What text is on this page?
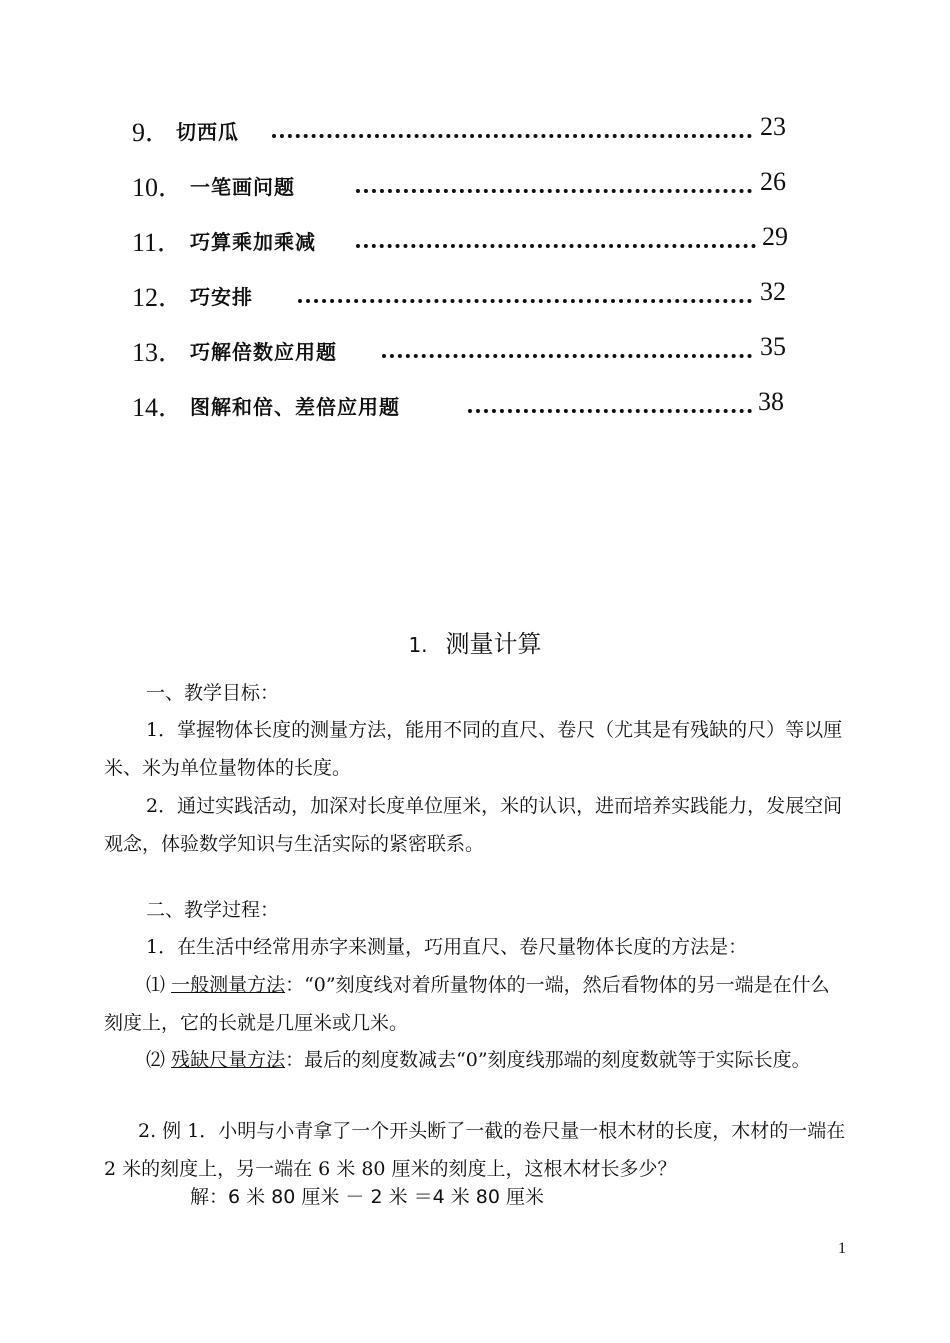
9． 切西瓜	23
10． 一笔画问题	26
11． 巧算乘加乘减	29
12． 巧安排	32
13． 巧解倍数应用题	35
14． 图解和倍、差倍应用题	38
1. 测量计算
一、教学目标：
1．掌握物体长度的测量方法，能用不同的直尺、卷尺（尤其是有残缺的尺）等以厘米、米为单位量物体的长度。
2．通过实践活动，加深对长度单位厘米，米的认识，进而培养实践能力，发展空间观念，体验数学知识与生活实际的紧密联系。
二、教学过程：
1．在生活中经常用赤字来测量，巧用直尺、卷尺量物体长度的方法是：
⑴ 一般测量方法：“0”刻度线对着所量物体的一端，然后看物体的另一端是在什么刻度上，它的长就是几厘米或几米。
⑵ 残缺尺量方法：最后的刻度数减去“0”刻度线那端的刻度数就等于实际长度。
2. 例 1．小明与小青拿了一个开头断了一截的卷尺量一根木材的长度，木材的一端在 2 米的刻度上，另一端在 6 米 80 厘米的刻度上，这根木材长多少？
解：6 米 80 厘米 － 2 米 ＝4 米 80 厘米
1
